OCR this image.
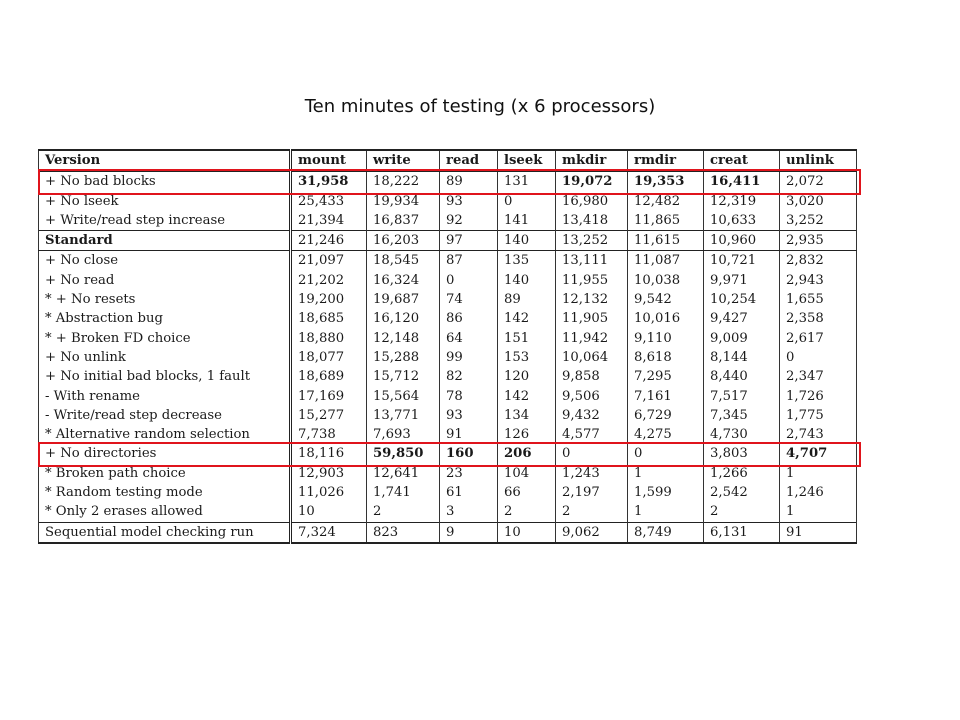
Ten minutes of testing (x 6 processors)
Version	mount	write	read	lseek	mkdir	rmdir	creat	unlink
+ No bad blocks	31,958	18,222	89	131	19,072	19,353	16,411	2,072
+ No lseek	25,433	19,934	93	0	16,980	12,482	12,319	3,020
+ Write/read step increase	21,394	16,837	92	141	13,418	11,865	10,633	3,252
Standard	21,246	16,203	97	140	13,252	11,615	10,960	2,935
+ No close	21,097	18,545	87	135	13,111	11,087	10,721	2,832
+ No read	21,202	16,324	0	140	11,955	10,038	9,971	2,943
* + No resets	19,200	19,687	74	89	12,132	9,542	10,254	1,655
* Abstraction bug	18,685	16,120	86	142	11,905	10,016	9,427	2,358
* + Broken FD choice	18,880	12,148	64	151	11,942	9,110	9,009	2,617
+ No unlink	18,077	15,288	99	153	10,064	8,618	8,144	0
+ No initial bad blocks, 1 fault	18,689	15,712	82	120	9,858	7,295	8,440	2,347
- With rename	17,169	15,564	78	142	9,506	7,161	7,517	1,726
- Write/read step decrease	15,277	13,771	93	134	9,432	6,729	7,345	1,775
* Alternative random selection	7,738	7,693	91	126	4,577	4,275	4,730	2,743
+ No directories	18,116	59,850	160	206	0	0	3,803	4,707
* Broken path choice	12,903	12,641	23	104	1,243	1	1,266	1
* Random testing mode	11,026	1,741	61	66	2,197	1,599	2,542	1,246
* Only 2 erases allowed	10	2	3	2	2	1	2	1
Sequential model checking run	7,324	823	9	10	9,062	8,749	6,131	91
